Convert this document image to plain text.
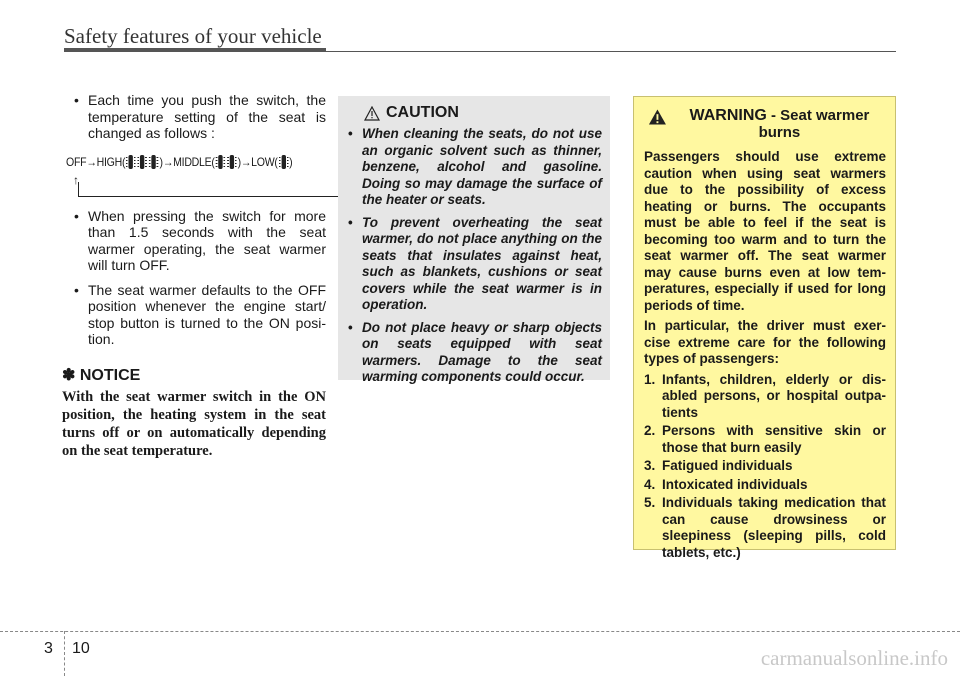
Safety features of your vehicle
• Each time you push the switch, the temperature setting of the seat is changed as follows :
OFF → HIGH(	) → MIDDLE( ) → LOW( )
↑
• When pressing the switch for more than 1.5 seconds with the seat warmer operating, the seat warmer will turn OFF.
• The seat warmer defaults to the OFF position whenever the engine start/ stop button is turned to the ON posi- tion.
✽ NOTICE
With the seat warmer switch in the ON position, the heating system in the seat turns off or on automatically depending on the seat temperature.
CAUTION
• When cleaning the seats, do not use an organic solvent such as thinner, benzene, alcohol and gasoline. Doing so may damage the surface of the heater or seats.
• To prevent overheating the seat warmer, do not place anything on the seats that insulates against heat, such as blankets, cushions or seat covers while the seat warmer is in operation.
• Do not place heavy or sharp objects on seats equipped with seat warmers. Damage to the seat warming components could occur.
WARNING - Seat warmer burns
Passengers should use extreme caution when using seat warmers due to the possibility of excess heating or burns. The occupants must be able to feel if the seat is becoming too warm and to turn the seat warmer off. The seat warmer may cause burns even at low tem- peratures, especially if used for long periods of time.
In particular, the driver must exer- cise extreme care for the following types of passengers:
1. Infants, children, elderly or dis- abled persons, or hospital outpa- tients
2. Persons with sensitive skin or those that burn easily
3. Fatigued individuals
4. Intoxicated individuals
5. Individuals taking medication that can cause drowsiness or sleepiness (sleeping pills, cold tablets, etc.)
3 10	carmanualsonline.info
